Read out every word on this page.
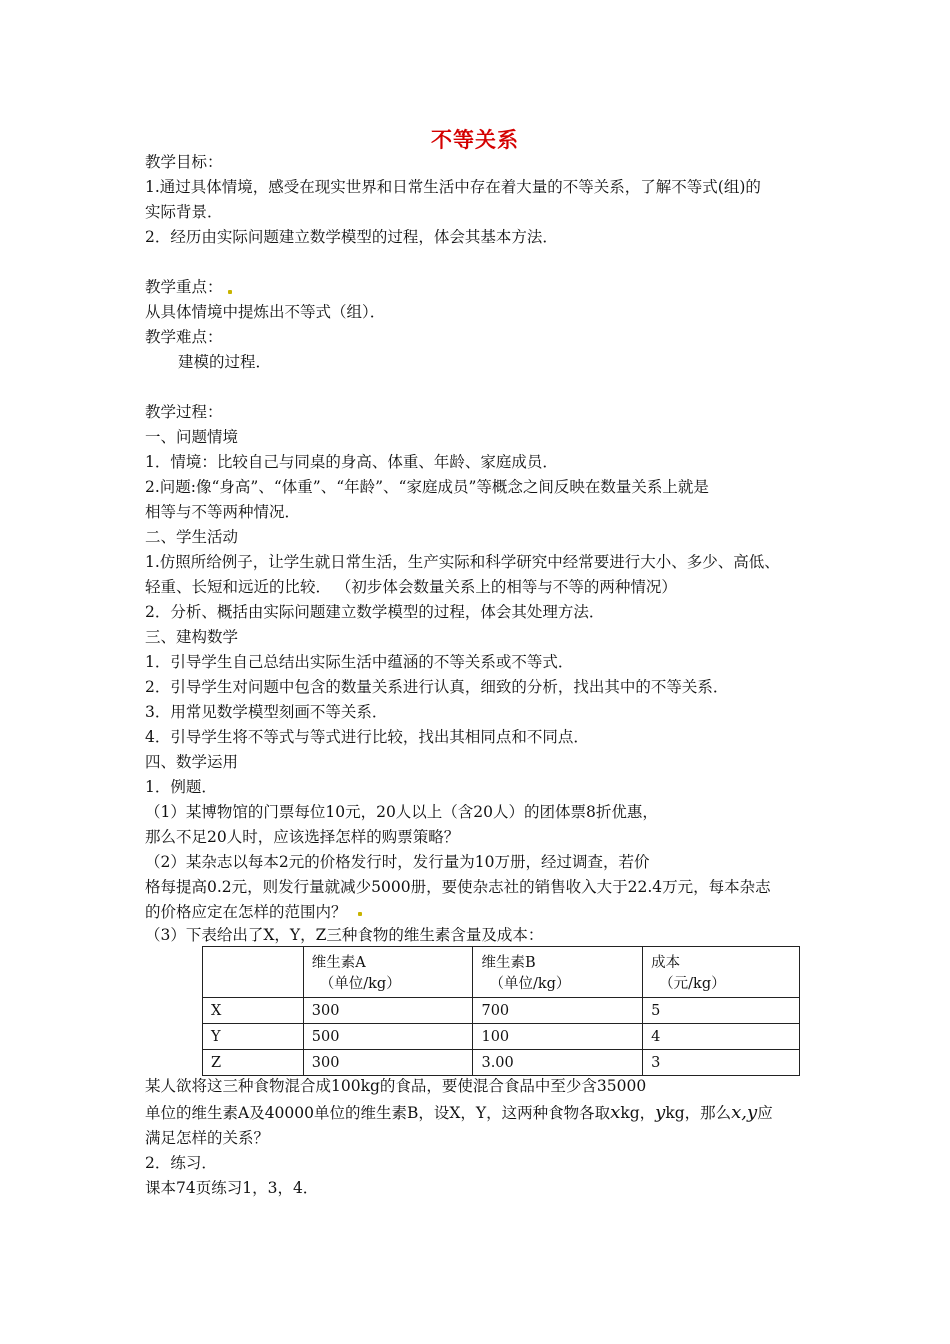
不等关系
教学目标：
1.通过具体情境，感受在现实世界和日常生活中存在着大量的不等关系，了解不等式(组)的
实际背景．
2．经历由实际问题建立数学模型的过程，体会其基本方法．
教学重点：
从具体情境中提炼出不等式（组）．
教学难点：
建模的过程．
教学过程：
一、问题情境
1．情境：比较自己与同桌的身高、体重、年龄、家庭成员．
2.问题:像“身高”、“体重”、“年龄”、“家庭成员”等概念之间反映在数量关系上就是
相等与不等两种情况．
二、学生活动
1.仿照所给例子，让学生就日常生活，生产实际和科学研究中经常要进行大小、多少、高低、
轻重、长短和远近的比较． （初步体会数量关系上的相等与不等的两种情况）
2．分析、概括由实际问题建立数学模型的过程，体会其处理方法．
三、建构数学
1．引导学生自己总结出实际生活中蕴涵的不等关系或不等式．
2．引导学生对问题中包含的数量关系进行认真，细致的分析，找出其中的不等关系．
3．用常见数学模型刻画不等关系．
4．引导学生将不等式与等式进行比较，找出其相同点和不同点．
四、数学运用
1．例题．
（1）某博物馆的门票每位10元，20人以上（含20人）的团体票8折优惠，
那么不足20人时，应该选择怎样的购票策略？
（2）某杂志以每本2元的价格发行时，发行量为10万册，经过调查，若价
格每提高0.2元，则发行量就减少5000册，要使杂志社的销售收入大于22.4万元，每本杂志
的价格应定在怎样的范围内？
（3）下表给出了X，Y，Z三种食物的维生素含量及成本：
	维生素A
（单位/kg）	维生素B
（单位/kg）	成本
（元/kg）

X	300	700	5
Y	500	100	4
Z	300	3.00	3
某人欲将这三种食物混合成100kg的食品，要使混合食品中至少含35000
单位的维生素A及40000单位的维生素B，设X，Y，这两种食物各取xkg，ykg，那么x,y应
满足怎样的关系？
2．练习．
课本74页练习1，3，4．
